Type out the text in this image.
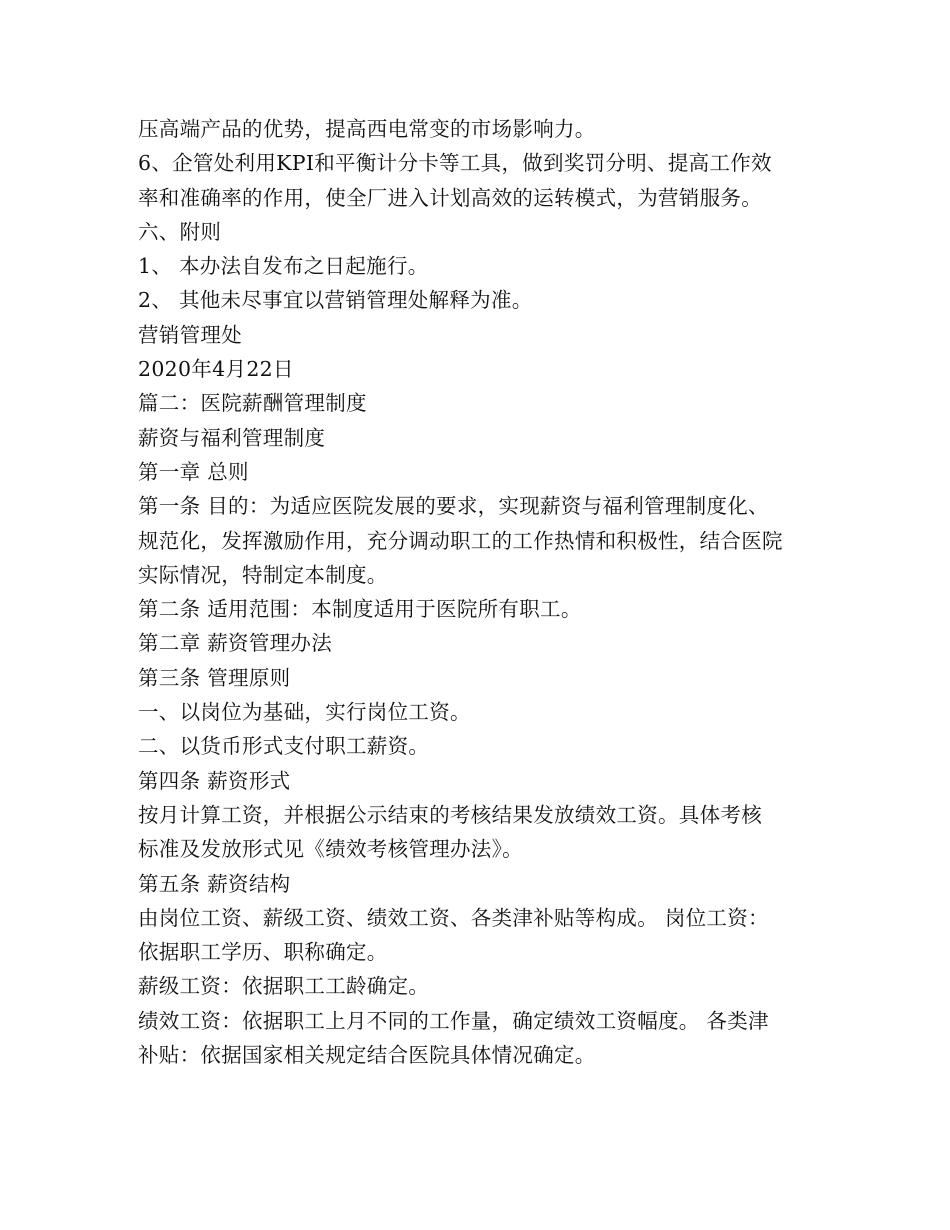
压高端产品的优势，提高西电常变的市场影响力。
6、企管处利用KPI和平衡计分卡等工具，做到奖罚分明、提高工作效
率和准确率的作用，使全厂进入计划高效的运转模式，为营销服务。
六、附则
1、 本办法自发布之日起施行。
2、 其他未尽事宜以营销管理处解释为准。
营销管理处
2020年4月22日
篇二：医院薪酬管理制度
薪资与福利管理制度
第一章 总则
第一条 目的：为适应医院发展的要求，实现薪资与福利管理制度化、
规范化，发挥激励作用，充分调动职工的工作热情和积极性，结合医院
实际情况，特制定本制度。
第二条 适用范围：本制度适用于医院所有职工。
第二章 薪资管理办法
第三条 管理原则
一、以岗位为基础，实行岗位工资。
二、以货币形式支付职工薪资。
第四条 薪资形式
按月计算工资，并根据公示结束的考核结果发放绩效工资。具体考核
标准及发放形式见《绩效考核管理办法》。
第五条 薪资结构
由岗位工资、薪级工资、绩效工资、各类津补贴等构成。 岗位工资：
依据职工学历、职称确定。
薪级工资：依据职工工龄确定。
绩效工资：依据职工上月不同的工作量，确定绩效工资幅度。 各类津
补贴：依据国家相关规定结合医院具体情况确定。
